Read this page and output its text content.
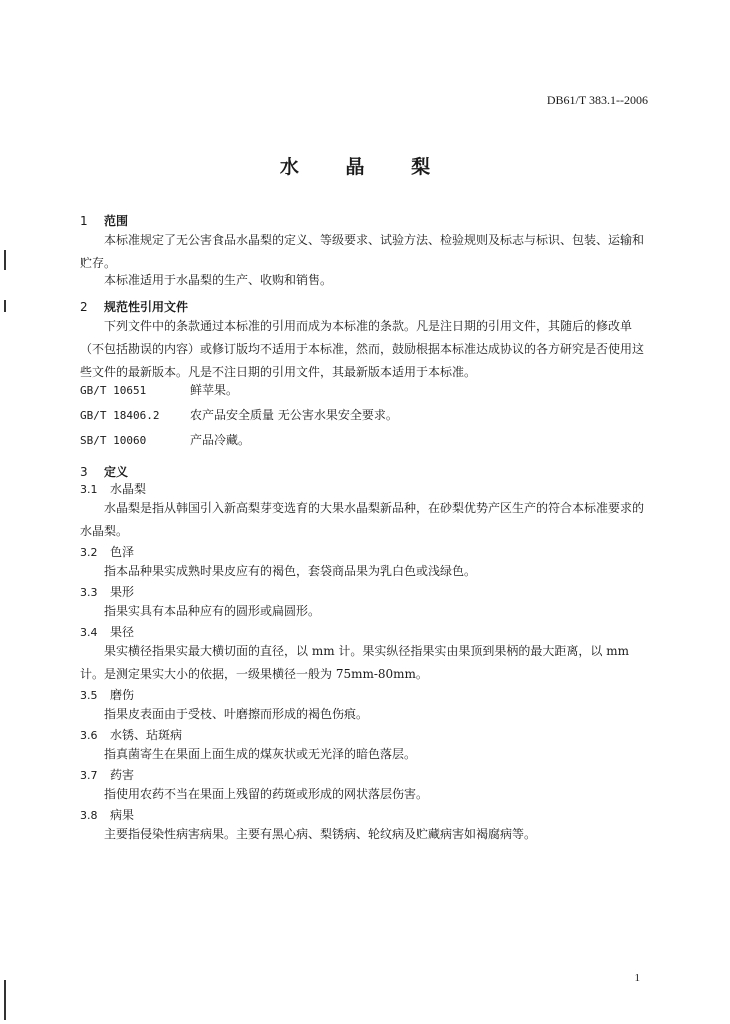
DB61/T 383.1--2006
水 晶 梨

1 范围

本标准规定了无公害食品水晶梨的定义、等级要求、试验方法、检验规则及标志与标识、包装、运输和贮存。

本标准适用于水晶梨的生产、收购和销售。

2 规范性引用文件

下列文件中的条款通过本标准的引用而成为本标准的条款。凡是注日期的引用文件，其随后的修改单（不包括勘误的内容）或修订版均不适用于本标准，然而，鼓励根据本标准达成协议的各方研究是否使用这些文件的最新版本。凡是不注日期的引用文件，其最新版本适用于本标准。

GB/T 10651	鲜苹果。

GB/T 18406.2	农产品安全质量 无公害水果安全要求。

SB/T 10060	产品冷藏。

3 定义

3.1 水晶梨

水晶梨是指从韩国引入新高梨芽变选育的大果水晶梨新品种，在砂梨优势产区生产的符合本标准要求的水晶梨。

3.2 色泽

指本品种果实成熟时果皮应有的褐色，套袋商品果为乳白色或浅绿色。

3.3 果形

指果实具有本品种应有的圆形或扁圆形。

3.4 果径

果实横径指果实最大横切面的直径，以 mm 计。果实纵径指果实由果顶到果柄的最大距离，以 mm 计。是测定果实大小的依据，一级果横径一般为 75mm-80mm。

3.5 磨伤

指果皮表面由于受枝、叶磨擦而形成的褐色伤痕。

3.6 水锈、玷斑病

指真菌寄生在果面上面生成的煤灰状或无光泽的暗色落层。

3.7 药害

指使用农药不当在果面上残留的药斑或形成的网状落层伤害。

3.8 病果

主要指侵染性病害病果。主要有黑心病、梨锈病、轮纹病及贮藏病害如褐腐病等。

1
